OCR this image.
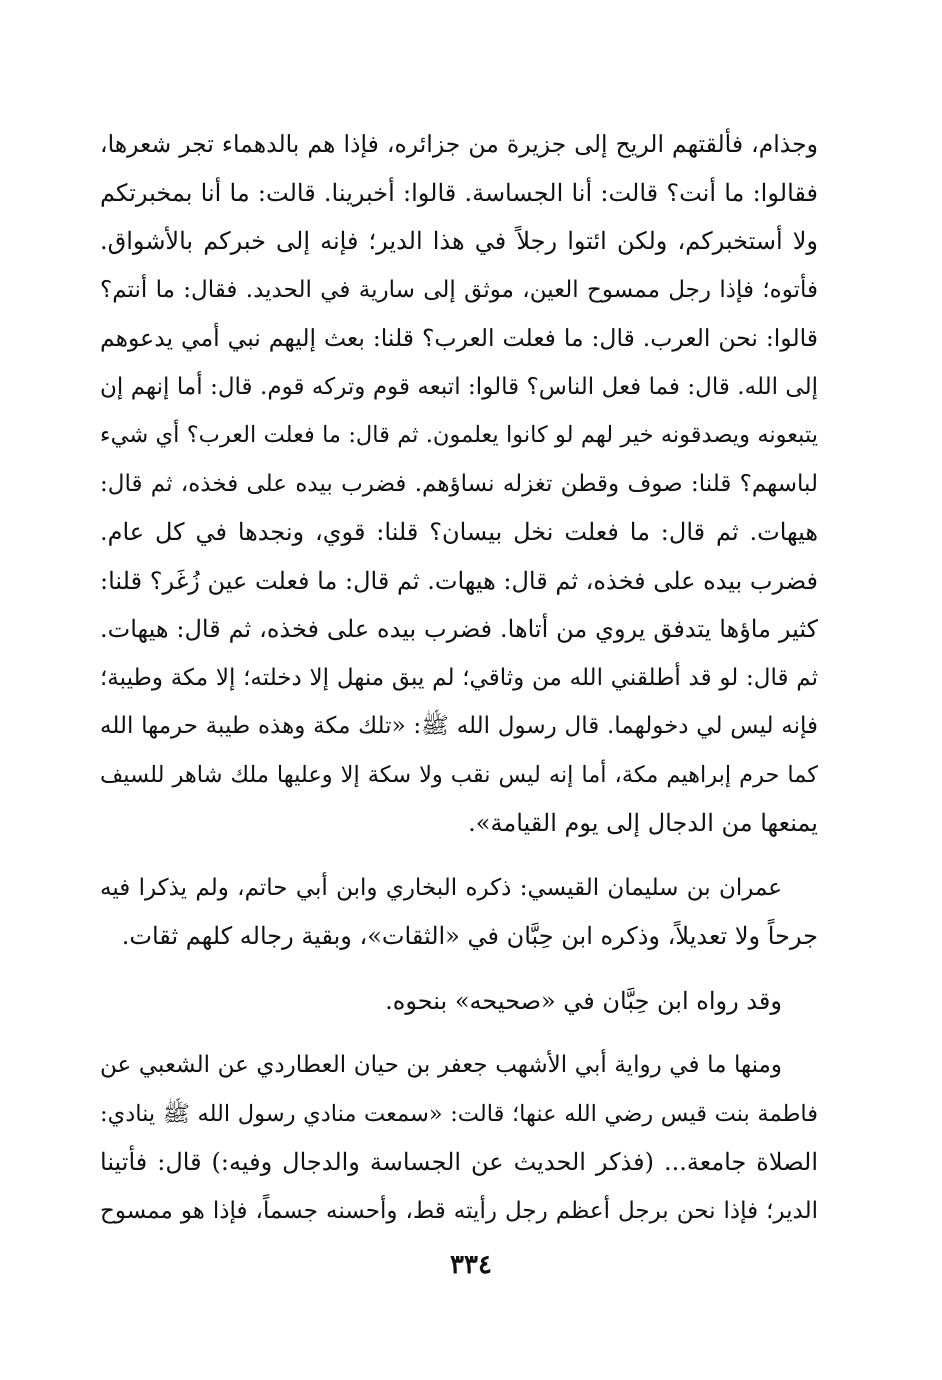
وجذام، فألقتهم الريح إلى جزيرة من جزائره، فإذا هم بالدهماء تجر شعرها،
فقالوا: ما أنت؟ قالت: أنا الجساسة. قالوا: أخبرينا. قالت: ما أنا بمخبرتكم
ولا أستخبركم، ولكن ائتوا رجلاً في هذا الدير؛ فإنه إلى خبركم بالأشواق.
فأتوه؛ فإذا رجل ممسوح العين، موثق إلى سارية في الحديد. فقال: ما أنتم؟
قالوا: نحن العرب. قال: ما فعلت العرب؟ قلنا: بعث إليهم نبي أمي يدعوهم
إلى الله. قال: فما فعل الناس؟ قالوا: اتبعه قوم وتركه قوم. قال: أما إنهم إن
يتبعونه ويصدقونه خير لهم لو كانوا يعلمون. ثم قال: ما فعلت العرب؟ أي شيء
لباسهم؟ قلنا: صوف وقطن تغزله نساؤهم. فضرب بيده على فخذه، ثم قال:
هيهات. ثم قال: ما فعلت نخل بيسان؟ قلنا: قوي، ونجدها في كل عام.
فضرب بيده على فخذه، ثم قال: هيهات. ثم قال: ما فعلت عين زُغَر؟ قلنا:
كثير ماؤها يتدفق يروي من أتاها. فضرب بيده على فخذه، ثم قال: هيهات.
ثم قال: لو قد أطلقني الله من وثاقي؛ لم يبق منهل إلا دخلته؛ إلا مكة وطيبة؛
فإنه ليس لي دخولهما. قال رسول الله ﷺ: «تلك مكة وهذه طيبة حرمها الله
كما حرم إبراهيم مكة، أما إنه ليس نقب ولا سكة إلا وعليها ملك شاهر للسيف
يمنعها من الدجال إلى يوم القيامة».
عمران بن سليمان القيسي: ذكره البخاري وابن أبي حاتم، ولم يذكرا فيه
جرحاً ولا تعديلاً، وذكره ابن حِبَّان في «الثقات»، وبقية رجاله كلهم ثقات.
وقد رواه ابن حِبَّان في «صحيحه» بنحوه.
ومنها ما في رواية أبي الأشهب جعفر بن حيان العطاردي عن الشعبي عن
فاطمة بنت قيس رضي الله عنها؛ قالت: «سمعت منادي رسول الله ﷺ ينادي:
الصلاة جامعة... (فذكر الحديث عن الجساسة والدجال وفيه:) قال: فأتينا
الدير؛ فإذا نحن برجل أعظم رجل رأيته قط، وأحسنه جسماً، فإذا هو ممسوح
٣٣٤
